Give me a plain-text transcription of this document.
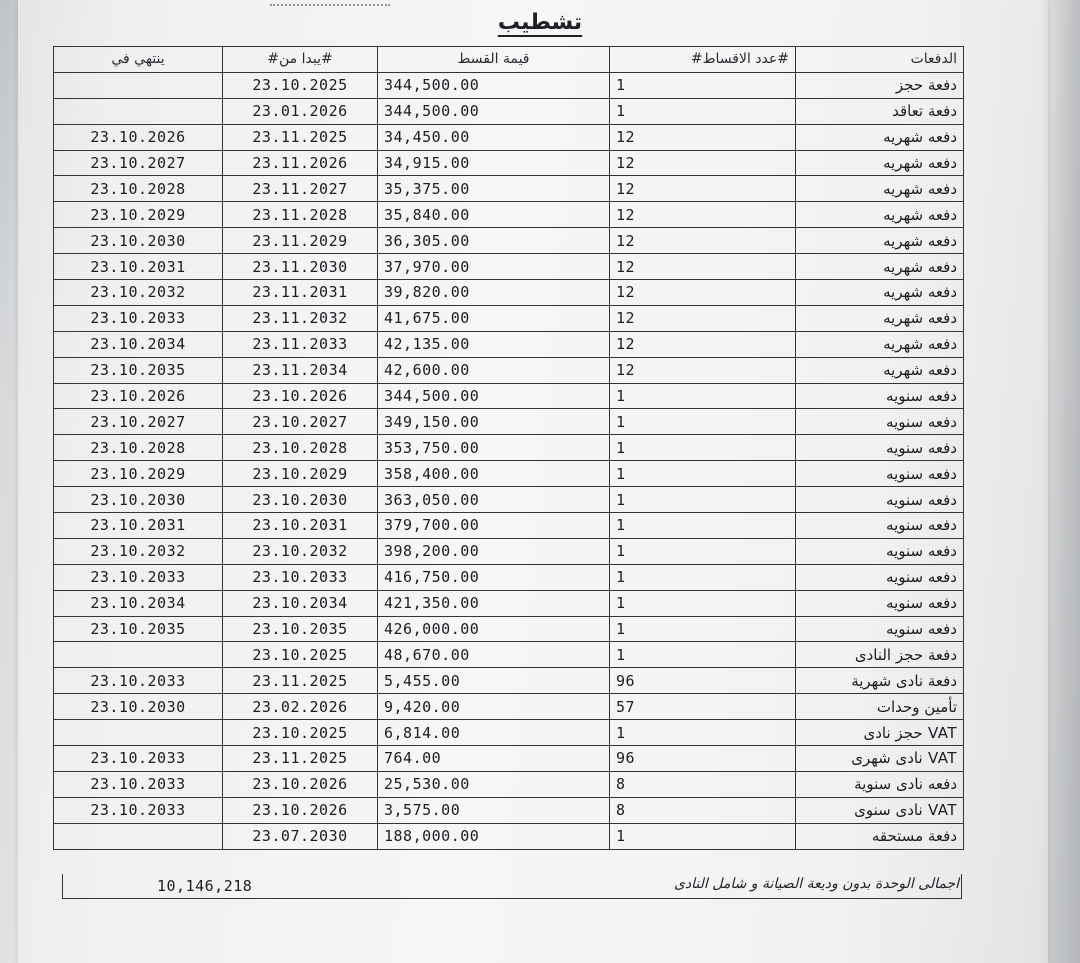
تشطيب
الدفعات	#عدد الاقساط#	قيمة القسط	#يبدا من#	ينتهي في
دفعة حجز	1	344,500.00	23.10.2025	
دفعة تعاقد	1	344,500.00	23.01.2026	
دفعه شهريه	12	34,450.00	23.11.2025	23.10.2026
دفعه شهريه	12	34,915.00	23.11.2026	23.10.2027
دفعه شهريه	12	35,375.00	23.11.2027	23.10.2028
دفعه شهريه	12	35,840.00	23.11.2028	23.10.2029
دفعه شهريه	12	36,305.00	23.11.2029	23.10.2030
دفعه شهريه	12	37,970.00	23.11.2030	23.10.2031
دفعه شهريه	12	39,820.00	23.11.2031	23.10.2032
دفعه شهريه	12	41,675.00	23.11.2032	23.10.2033
دفعه شهريه	12	42,135.00	23.11.2033	23.10.2034
دفعه شهريه	12	42,600.00	23.11.2034	23.10.2035
دفعه سنويه	1	344,500.00	23.10.2026	23.10.2026
دفعه سنويه	1	349,150.00	23.10.2027	23.10.2027
دفعه سنويه	1	353,750.00	23.10.2028	23.10.2028
دفعه سنويه	1	358,400.00	23.10.2029	23.10.2029
دفعه سنويه	1	363,050.00	23.10.2030	23.10.2030
دفعه سنويه	1	379,700.00	23.10.2031	23.10.2031
دفعه سنويه	1	398,200.00	23.10.2032	23.10.2032
دفعه سنويه	1	416,750.00	23.10.2033	23.10.2033
دفعه سنويه	1	421,350.00	23.10.2034	23.10.2034
دفعه سنويه	1	426,000.00	23.10.2035	23.10.2035
دفعة حجز النادى	1	48,670.00	23.10.2025	
دفعة نادى شهرية	96	5,455.00	23.11.2025	23.10.2033
تأمين وحدات	57	9,420.00	23.02.2026	23.10.2030
VAT حجز نادى	1	6,814.00	23.10.2025	
VAT نادى شهرى	96	764.00	23.11.2025	23.10.2033
دفعه نادى سنوية	8	25,530.00	23.10.2026	23.10.2033
VAT نادى سنوى	8	3,575.00	23.10.2026	23.10.2033
دفعة مستحقه	1	188,000.00	23.07.2030	
اجمالى الوحدة بدون وديعة الصيانة و شامل النادى
10,146,218
